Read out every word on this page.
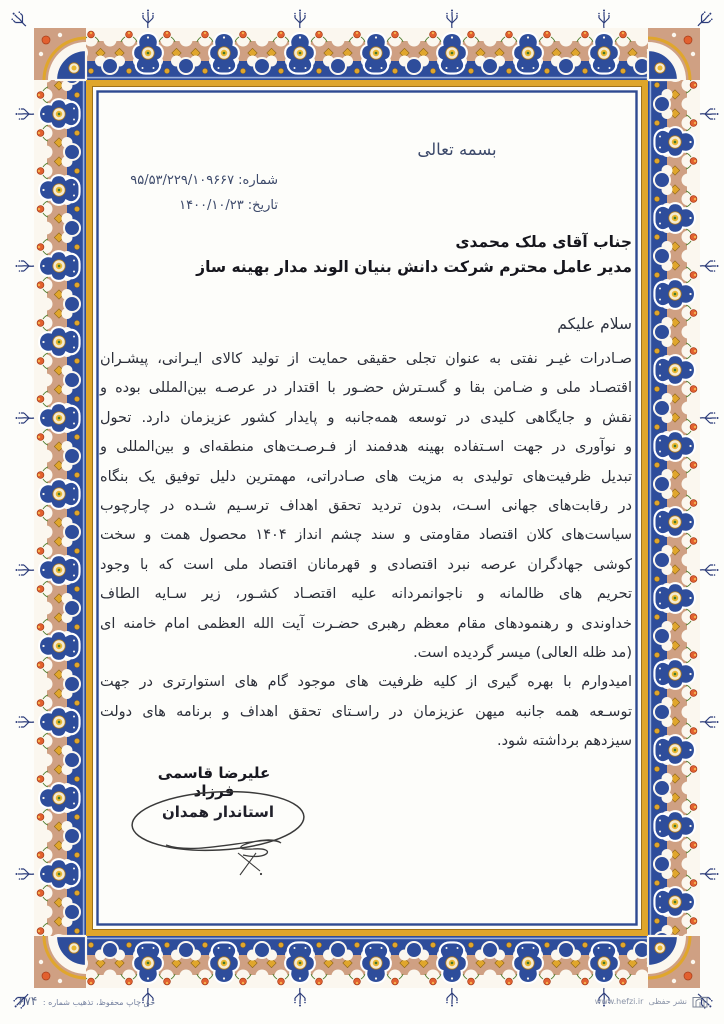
بسمه تعالی
شماره:۹۵/۵۳/۲۲۹/۱۰۹۶۶۷
تاریخ:۱۴۰۰/۱۰/۲۳
جناب آقای ملک محمدی
مدیر عامل محترم شرکت دانش بنیان الوند مدار بهینه ساز
سلام علیکم
صـادرات غیـر نفتی به عنوان تجلی حقیقی حمایت از تولید کالای ایـرانی، پیشـران
اقتصـاد ملی و ضـامن بقا و گسـترش حضـور با اقتدار در عرصـه بین‌المللی بوده و
نقش و جایگاهی کلیدی در توسعه همه‌جانبه و پایدار کشور عزیزمان دارد. تحول
و نوآوری در جهت اسـتفاده بهینه هدفمند از فـرصـت‌های منطقه‌ای و بین‌المللی و
تبدیل ظرفیت‌های تولیدی به مزیت های صـادراتی، مهمترین دلیل توفیق یک بنگاه
در رقابت‌های جهانی اسـت، بدون تردید تحقق اهداف ترسـیم شـده در چارچوب
سیاست‌های کلان اقتصاد مقاومتی و سند چشم انداز ۱۴۰۴ محصول همت و سخت
کوشی جهادگران عرصه نبرد اقتصادی و قهرمانان اقتصاد ملی است که با وجود
تحریم های ظالمانه و ناجوانمردانه علیه اقتصـاد کشـور، زیر سـایه الطاف
خداوندی و رهنمودهای مقام معظم رهبری حضـرت آیت الله العظمی امام خامنه ای
(مد ظله العالی) میسر گردیده است.
امیدوارم با بهره گیری از کلیه ظرفیت های موجود گام های استوارتری در جهت
توسـعه همه جانبه میهن عزیزمان در راسـتای تحقق اهداف و برنامه های دولت
سیزدهم برداشته شود.
علیرضا قاسمی فرزاد
استاندار همدان
حق چاپ محفوظ، تذهیب شماره : ۶۷۴	www.hefzi.ir نشر حفظی
